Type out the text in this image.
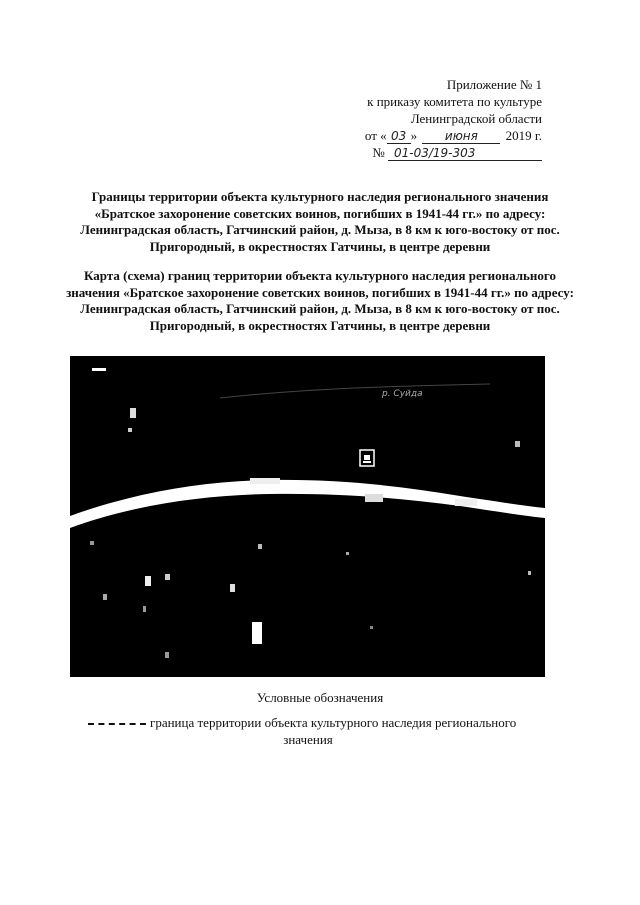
Приложение № 1
к приказу комитета по культуре
Ленинградской области
от « 03 » июня 2019 г.
№ 01-03/19-303
Границы территории объекта культурного наследия регионального значения «Братское захоронение советских воинов, погибших в 1941-44 гг.» по адресу: Ленинградская область, Гатчинский район, д. Мыза, в 8 км к юго-востоку от пос. Пригородный, в окрестностях Гатчины, в центре деревни
Карта (схема) границ территории объекта культурного наследия регионального значения «Братское захоронение советских воинов, погибших в 1941-44 гг.» по адресу: Ленинградская область, Гатчинский район, д. Мыза, в 8 км к юго-востоку от пос. Пригородный, в окрестностях Гатчины, в центре деревни
р. Суйда
Условные обозначения
граница территории объекта культурного наследия регионального
значения
